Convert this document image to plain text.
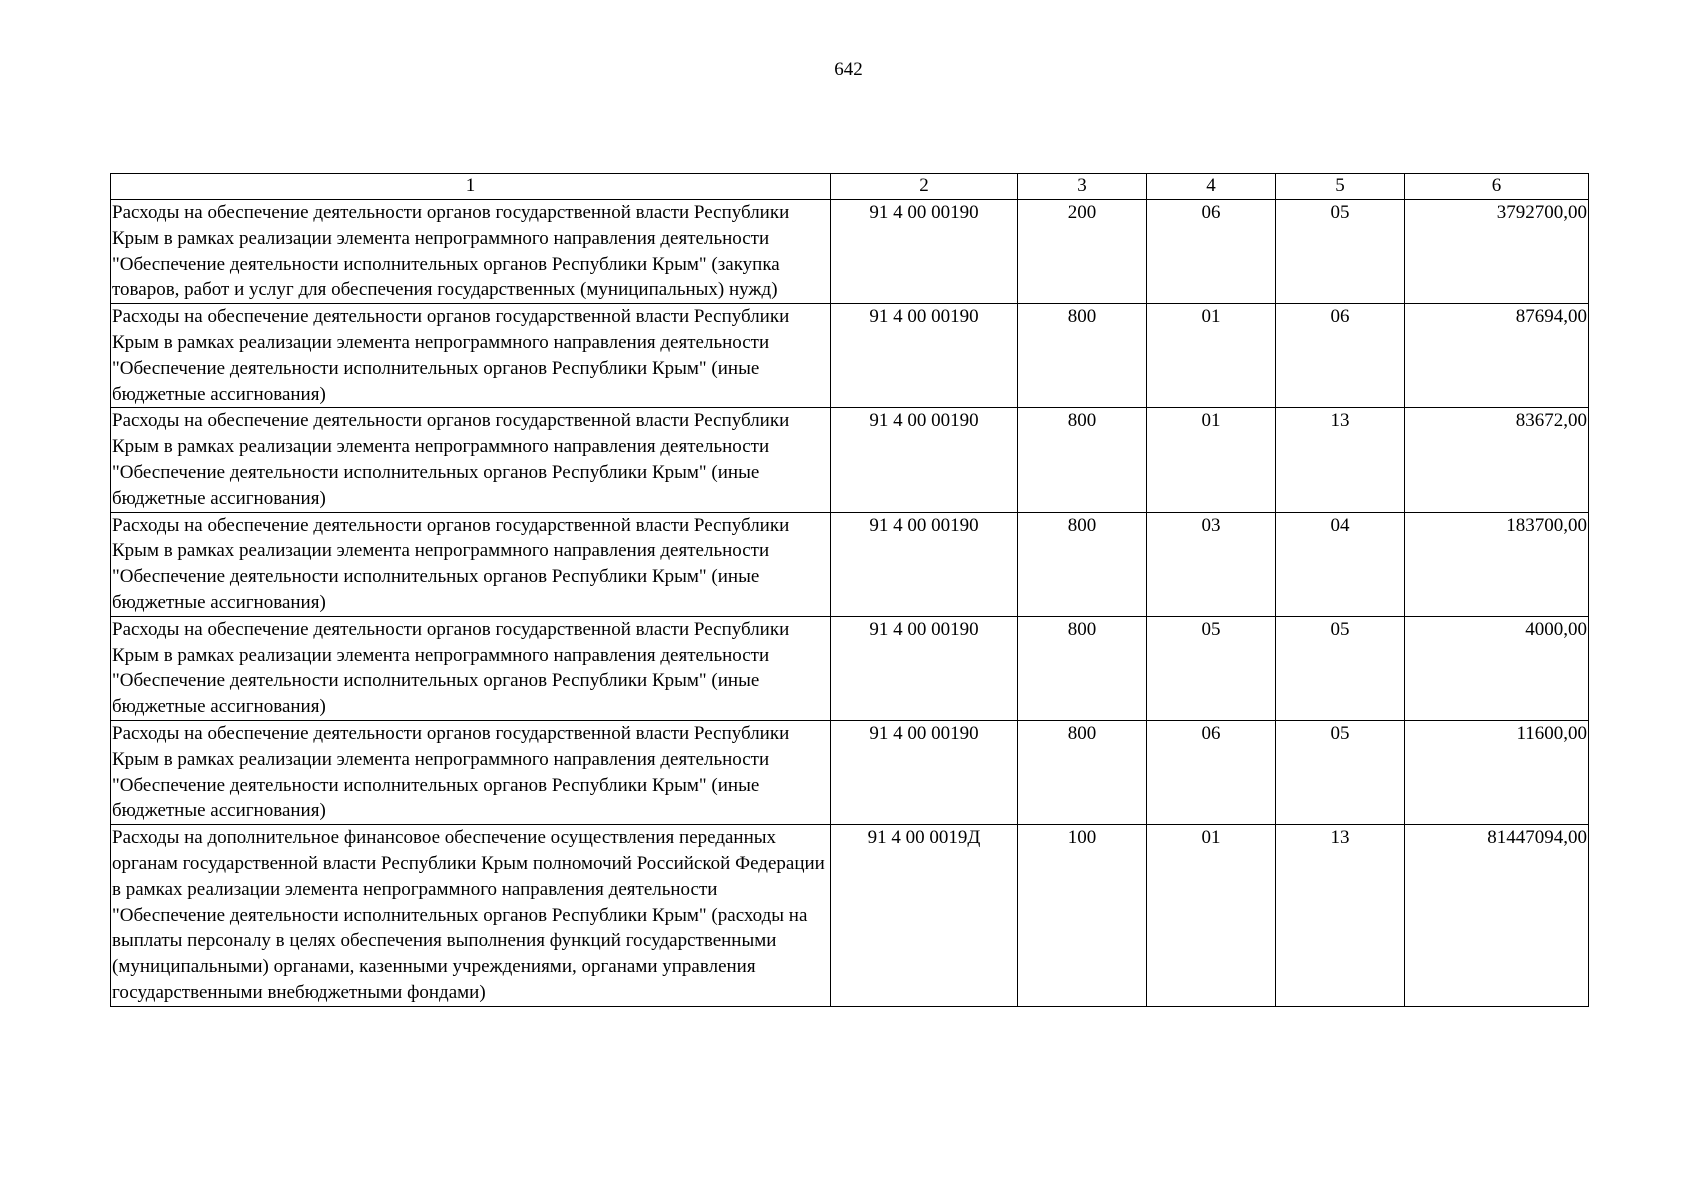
642
1	2	3	4	5	6
Расходы на обеспечение деятельности органов государственной власти Республики Крым в рамках реализации элемента непрограммного направления деятельности "Обеспечение деятельности исполнительных органов Республики Крым" (закупка товаров, работ и услуг для обеспечения государственных (муниципальных) нужд)	91 4 00 00190	200	06	05	3792700,00
Расходы на обеспечение деятельности органов государственной власти Республики Крым в рамках реализации элемента непрограммного направления деятельности "Обеспечение деятельности исполнительных органов Республики Крым" (иные бюджетные ассигнования)	91 4 00 00190	800	01	06	87694,00
Расходы на обеспечение деятельности органов государственной власти Республики Крым в рамках реализации элемента непрограммного направления деятельности "Обеспечение деятельности исполнительных органов Республики Крым" (иные бюджетные ассигнования)	91 4 00 00190	800	01	13	83672,00
Расходы на обеспечение деятельности органов государственной власти Республики Крым в рамках реализации элемента непрограммного направления деятельности "Обеспечение деятельности исполнительных органов Республики Крым" (иные бюджетные ассигнования)	91 4 00 00190	800	03	04	183700,00
Расходы на обеспечение деятельности органов государственной власти Республики Крым в рамках реализации элемента непрограммного направления деятельности "Обеспечение деятельности исполнительных органов Республики Крым" (иные бюджетные ассигнования)	91 4 00 00190	800	05	05	4000,00
Расходы на обеспечение деятельности органов государственной власти Республики Крым в рамках реализации элемента непрограммного направления деятельности "Обеспечение деятельности исполнительных органов Республики Крым" (иные бюджетные ассигнования)	91 4 00 00190	800	06	05	11600,00
Расходы на дополнительное финансовое обеспечение осуществления переданных органам государственной власти Республики Крым полномочий Российской Федерации в рамках реализации элемента непрограммного направления деятельности "Обеспечение деятельности исполнительных органов Республики Крым" (расходы на выплаты персоналу в целях обеспечения выполнения функций государственными (муниципальными) органами, казенными учреждениями, органами управления государственными внебюджетными фондами)	91 4 00 0019Д	100	01	13	81447094,00
